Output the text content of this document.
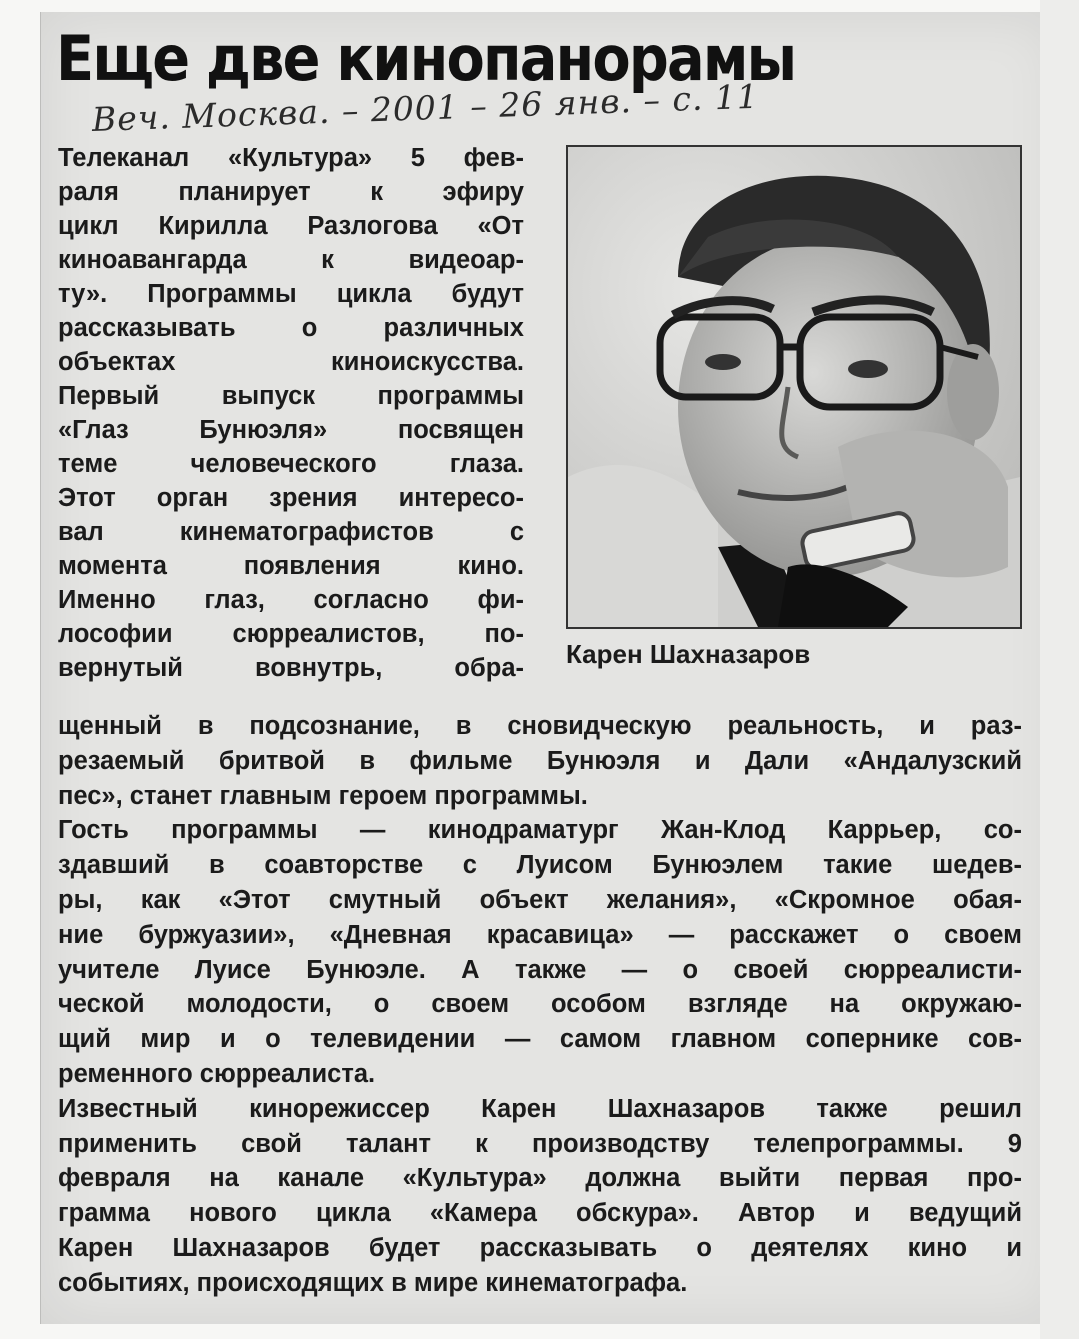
Еще две кинопанорамы
Веч. Москва. – 2001 – 26 янв. – с. 11

Телеканал «Культура» 5 фев-

раля планирует к эфиру

цикл Кирилла Разлогова «От

киноавангарда к видеоар-

ту». Программы цикла будут

рассказывать о различных

объектах киноискусства.

Первый выпуск программы

«Глаз Бунюэля» посвящен

теме человеческого глаза.

Этот орган зрения интересо-

вал кинематографистов с

момента появления кино.

Именно глаз, согласно фи-

лософии сюрреалистов, по-

вернутый вовнутрь, обра-

щенный в подсознание, в сновидческую реальность, и раз-

резаемый бритвой в фильме Бунюэля и Дали «Андалузский

пес», станет главным героем программы.

Гость программы — кинодраматург Жан-Клод Каррьер, со-

здавший в соавторстве с Луисом Бунюэлем такие шедев-

ры, как «Этот смутный объект желания», «Скромное обая-

ние буржуазии», «Дневная красавица» — расскажет о своем

учителе Луисе Бунюэле. А также — о своей сюрреалисти-

ческой молодости, о своем особом взгляде на окружаю-

щий мир и о телевидении — самом главном сопернике сов-

ременного сюрреалиста.

Известный кинорежиссер Карен Шахназаров также решил

применить свой талант к производству телепрограммы. 9

февраля на канале «Культура» должна выйти первая про-

грамма нового цикла «Камера обскура». Автор и ведущий

Карен Шахназаров будет рассказывать о деятелях кино и

событиях, происходящих в мире кинематографа.

Карен Шахназаров
